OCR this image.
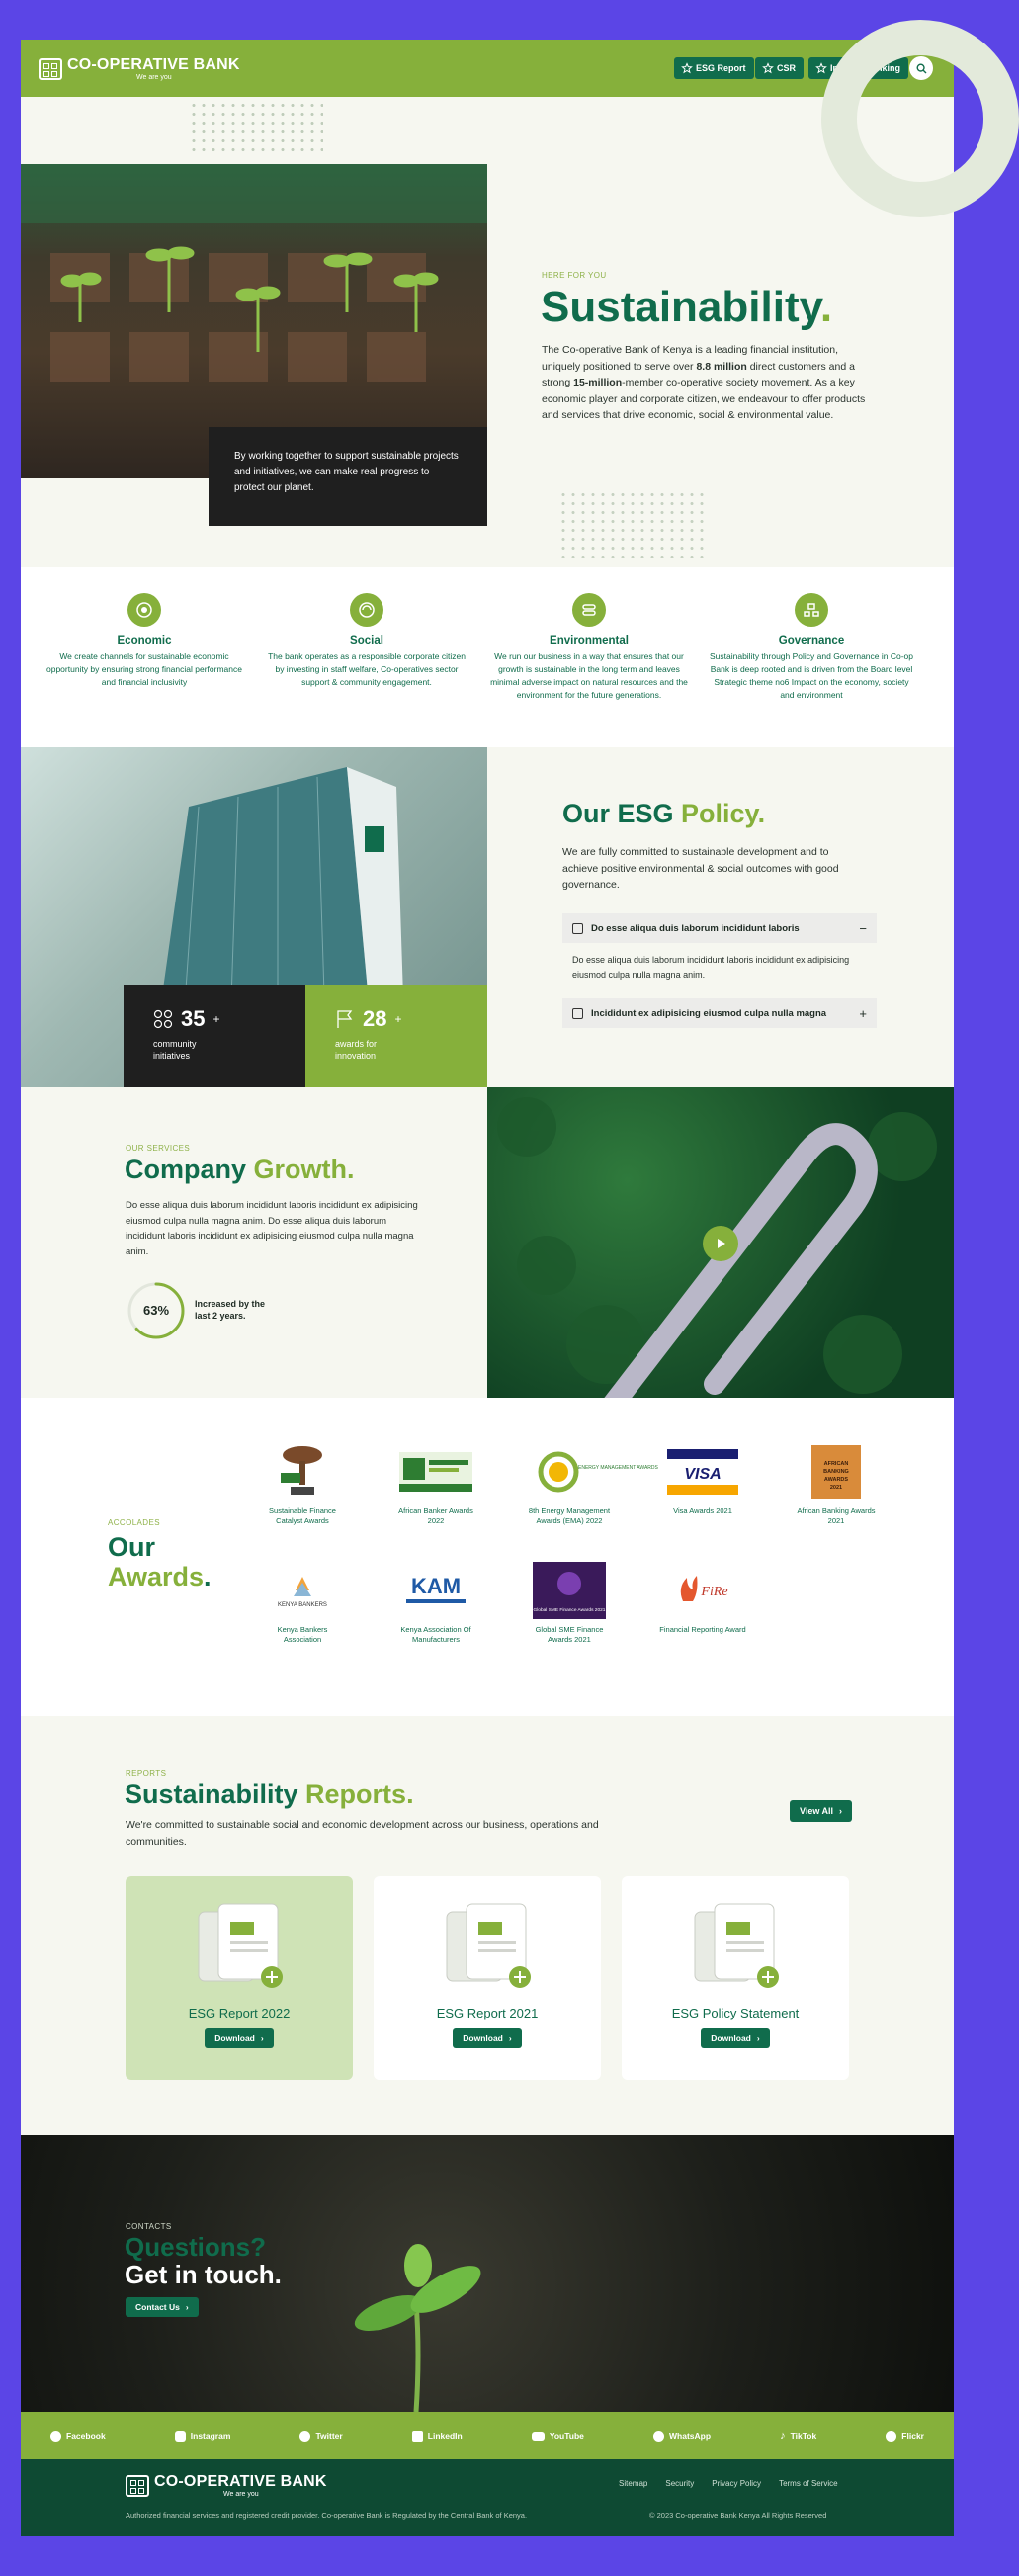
CO-OPERATIVE BANK
We are you
ESG Report	CSR	Internet Banking
By working together to support sustainable projects and initiatives, we can make real progress to protect our planet.
HERE FOR YOU
Sustainability.
The Co-operative Bank of Kenya is a leading financial institution, uniquely positioned to serve over 8.8 million direct customers and a strong 15-million-member co-operative society movement. As a key economic player and corporate citizen, we endeavour to offer products and services that drive economic, social & environmental value.
Economic

We create channels for sustainable economic opportunity by ensuring strong financial performance and financial inclusivity

Social

The bank operates as a responsible corporate citizen by investing in staff welfare, Co-operatives sector support & community engagement.

Environmental

We run our business in a way that ensures that our growth is sustainable in the long term and leaves minimal adverse impact on natural resources and the environment for the future generations.

Governance

Sustainability through Policy and Governance in Co-op Bank is deep rooted and is driven from the Board level Strategic theme no6 Impact on the economy, society and environment

35 +
community initiatives
28 +
awards for innovation
Our ESG Policy.
We are fully committed to sustainable development and to achieve positive environmental & social outcomes with good governance.
Do esse aliqua duis laborum incididunt laboris	−
Do esse aliqua duis laborum incididunt laboris incididunt ex adipisicing eiusmod culpa nulla magna anim.
Incididunt ex adipisicing eiusmod culpa nulla magna	+
OUR SERVICES
Company Growth.
Do esse aliqua duis laborum incididunt laboris incididunt ex adipisicing eiusmod culpa nulla magna anim. Do esse aliqua duis laborum incididunt laboris incididunt ex adipisicing eiusmod culpa nulla magna anim.
63%	Increased by the last 2 years.
ACCOLADES
Our
Awards.

Sustainable Finance Catalyst Awards

African Banker Awards 2022

ENERGY MANAGEMENT AWARDS

8th Energy Management Awards (EMA) 2022

VISA

Visa Awards 2021

AFRICAN
BANKING
AWARDS
2021

African Banking Awards 2021

KENYA BANKERS

Kenya Bankers Association

KAM

Kenya Association Of Manufacturers

Global SME Finance Awards 2021

Global SME Finance Awards 2021

FiRe

Financial Reporting Award

REPORTS
Sustainability Reports.
We're committed to sustainable social and economic development across our business, operations and communities.
View All ›
ESG Report 2022
Download ›
ESG Report 2021
Download ›
ESG Policy Statement
Download ›
CONTACTS
Questions?
Get in touch.
Contact Us ›
Facebook	Instagram	Twitter	LinkedIn	YouTube	WhatsApp	♪ TikTok	Flickr
CO-OPERATIVE BANK
We are you
Sitemap Security Privacy Policy Terms of Service
Authorized financial services and registered credit provider. Co-operative Bank is Regulated by the Central Bank of Kenya.	© 2023 Co-operative Bank Kenya All Rights Reserved
